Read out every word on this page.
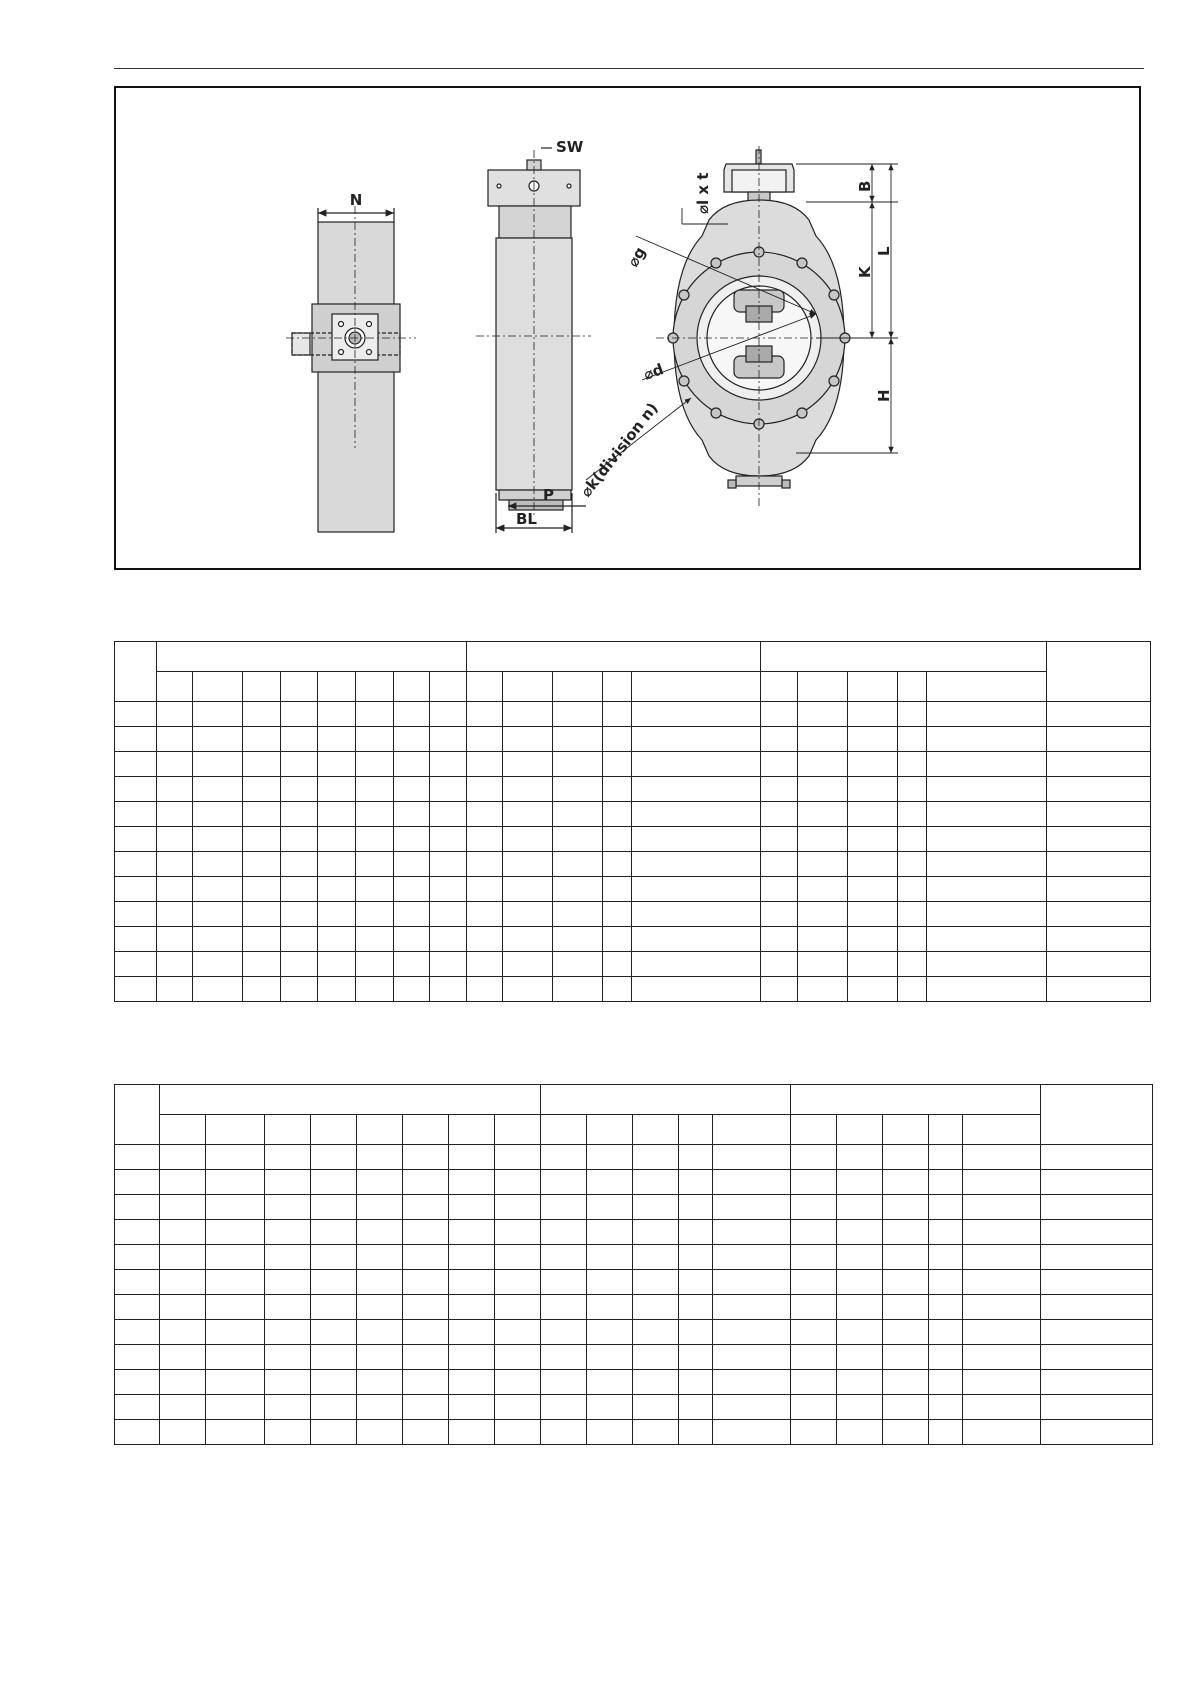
N
SW
P
BL
⌀l x t
⌀g
⌀d
⌀k(division n)
B
K
L
H
